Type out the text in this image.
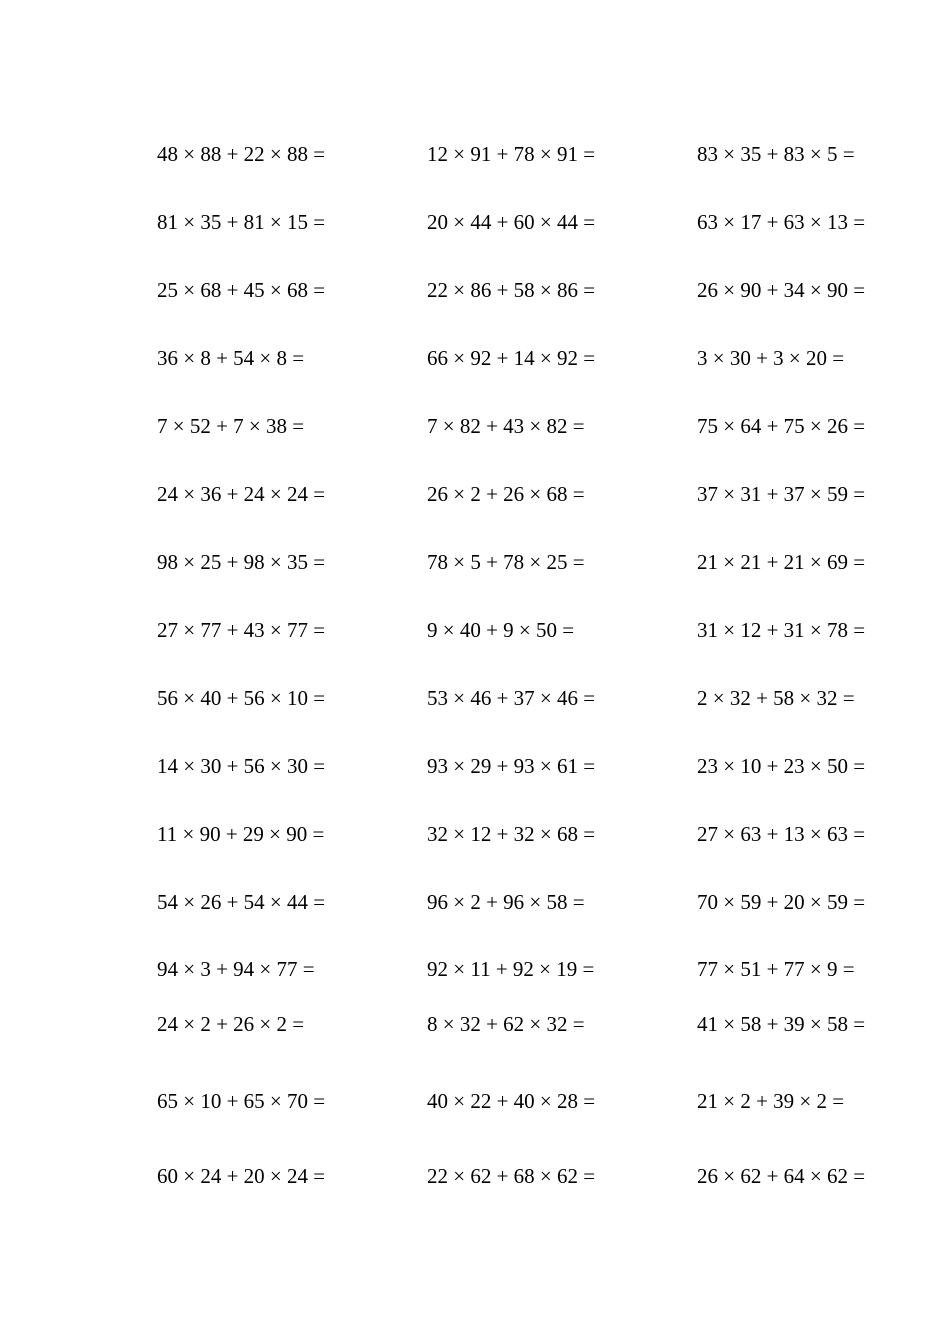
48 × 88 + 22 × 88 =	12 × 91 + 78 × 91 =	83 × 35 + 83 × 5 =
81 × 35 + 81 × 15 =	20 × 44 + 60 × 44 =	63 × 17 + 63 × 13 =
25 × 68 + 45 × 68 =	22 × 86 + 58 × 86 =	26 × 90 + 34 × 90 =
36 × 8 + 54 × 8 =	66 × 92 + 14 × 92 =	3 × 30 + 3 × 20 =
7 × 52 + 7 × 38 =	7 × 82 + 43 × 82 =	75 × 64 + 75 × 26 =
24 × 36 + 24 × 24 =	26 × 2 + 26 × 68 =	37 × 31 + 37 × 59 =
98 × 25 + 98 × 35 =	78 × 5 + 78 × 25 =	21 × 21 + 21 × 69 =
27 × 77 + 43 × 77 =	9 × 40 + 9 × 50 =	31 × 12 + 31 × 78 =
56 × 40 + 56 × 10 =	53 × 46 + 37 × 46 =	2 × 32 + 58 × 32 =
14 × 30 + 56 × 30 =	93 × 29 + 93 × 61 =	23 × 10 + 23 × 50 =
11 × 90 + 29 × 90 =	32 × 12 + 32 × 68 =	27 × 63 + 13 × 63 =
54 × 26 + 54 × 44 =	96 × 2 + 96 × 58 =	70 × 59 + 20 × 59 =
94 × 3 + 94 × 77 =	92 × 11 + 92 × 19 =	77 × 51 + 77 × 9 =
24 × 2 + 26 × 2 =	8 × 32 + 62 × 32 =	41 × 58 + 39 × 58 =
65 × 10 + 65 × 70 =	40 × 22 + 40 × 28 =	21 × 2 + 39 × 2 =
60 × 24 + 20 × 24 =	22 × 62 + 68 × 62 =	26 × 62 + 64 × 62 =
